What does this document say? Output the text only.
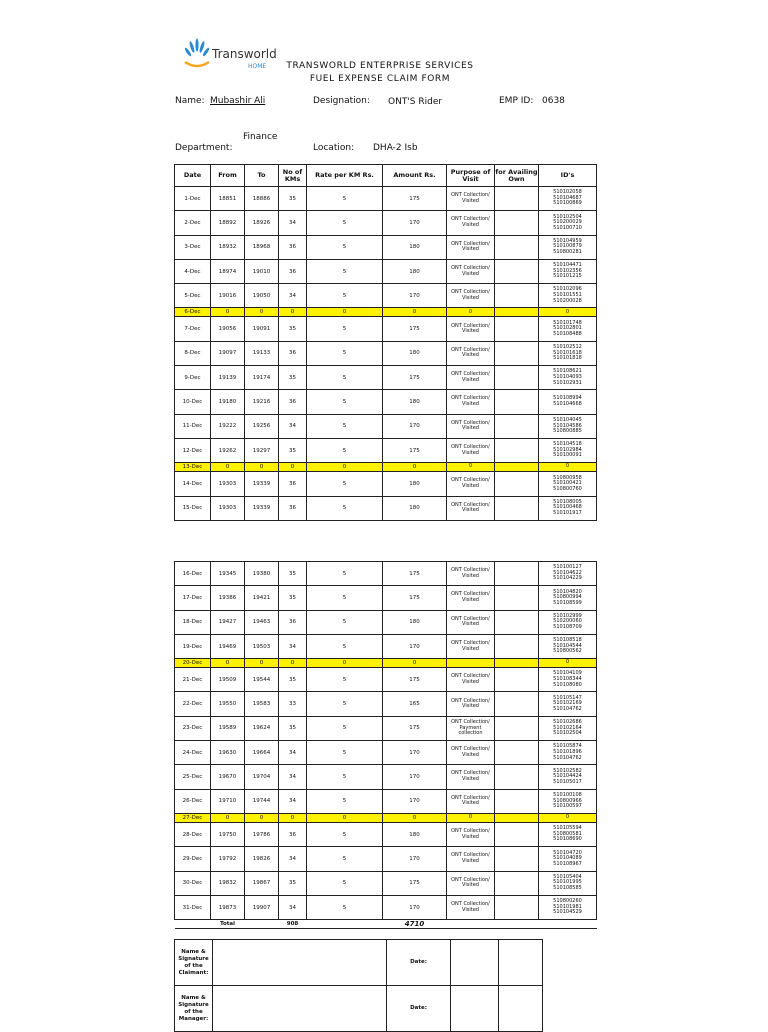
Transworld
HOME	TRANSWORLD ENTERPRISE SERVICES
FUEL EXPENSE CLAIM FORM
Name: Mubashir Ali	Designation: ONT'S Rider	EMP ID: 0638
Finance
Department:	Location: DHA-2 Isb
Date	From	To	No of KMs	Rate per KM Rs.	Amount Rs.	Purpose of Visit	for Availing Own	ID's
1-Dec	18851	18886	35	5	175	ONT Collection/ Visited		510102058 510104687 510100869
2-Dec	18892	18926	34	5	170	ONT Collection/ Visited		510102504 510200029 510100710
3-Dec	18932	18968	36	5	180	ONT Collection/ Visited		510104959 510100879 510800281
4-Dec	18974	19010	36	5	180	ONT Collection/ Visited		510104471 510102356 510101215
5-Dec	19016	19050	34	5	170	ONT Collection/ Visited		510102096 510101551 510200028
6-Dec	0	0	0	0	0	0		0
7-Dec	19056	19091	35	5	175	ONT Collection/ Visited		510101748 510102801 510108488
8-Dec	19097	19133	36	5	180	ONT Collection/ Visited		510102512 510101618 510101818
9-Dec	19139	19174	35	5	175	ONT Collection/ Visited		510108621 510104093 510102931
10-Dec	19180	19216	36	5	180	ONT Collection/ Visited		510108994 510104668
11-Dec	19222	19256	34	5	170	ONT Collection/ Visited		510104045 510104586 510800885
12-Dec	19262	19297	35	5	175	ONT Collection/ Visited		510104518 510102984 510100091
13-Dec	0	0	0	0	0	0		0
14-Dec	19303	19339	36	5	180	ONT Collection/ Visited		510800958 510100421 510800760
15-Dec	19303	19339	36	5	180	ONT Collection/ Visited		510108005 510100468 510101917
16-Dec	19345	19380	35	5	175	ONT Collection/ Visited		510100127 510104622 510104229
17-Dec	19386	19421	35	5	175	ONT Collection/ Visited		510104820 510800994 510108599
18-Dec	19427	19463	36	5	180	ONT Collection/ Visited		510102999 510200060 510108709
19-Dec	19469	19503	34	5	170	ONT Collection/ Visited		510108518 510104544 510800562
20-Dec	0	0	0	0	0			0
21-Dec	19509	19544	35	5	175	ONT Collection/ Visited		510104109 510108344 510108080
22-Dec	19550	19583	33	5	165	ONT Collection/ Visited		510105147 510102169 510104762
23-Dec	19589	19624	35	5	175	ONT Collection/ Payment collection		510102686 510102164 510102504
24-Dec	19630	19664	34	5	170	ONT Collection/ Visited		510105874 510101896 510104762
25-Dec	19670	19704	34	5	170	ONT Collection/ Visited		510102582 510104424 510105017
26-Dec	19710	19744	34	5	170	ONT Collection/ Visited		510100108 510800966 510100597
27-Dec	0	0	0	0	0	0		0
28-Dec	19750	19786	36	5	180	ONT Collection/ Visited		510105594 510800581 510108690
29-Dec	19792	19826	34	5	170	ONT Collection/ Visited		510104720 510104089 510108967
30-Dec	19832	19867	35	5	175	ONT Collection/ Visited		510105404 510101995 510108585
31-Dec	19873	19907	34	5	170	ONT Collection/ Visited		510800260 510101981 510104529
	Total		908		4710			
Name & Signature of the Claimant:		Date:		
Name & Signature of the Manager:		Date:		
